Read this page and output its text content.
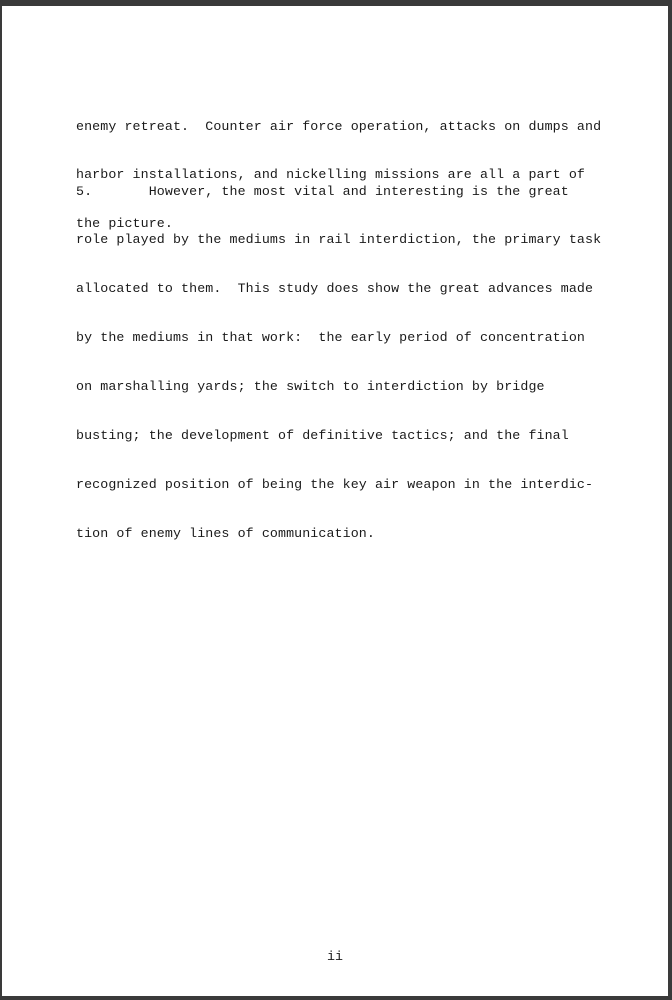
enemy retreat.  Counter air force operation, attacks on dumps and

harbor installations, and nickelling missions are all a part of

the picture.

5.       However, the most vital and interesting is the great

role played by the mediums in rail interdiction, the primary task

allocated to them.  This study does show the great advances made

by the mediums in that work:  the early period of concentration

on marshalling yards; the switch to interdiction by bridge

busting; the development of definitive tactics; and the final

recognized position of being the key air weapon in the interdic-

tion of enemy lines of communication.

ii
